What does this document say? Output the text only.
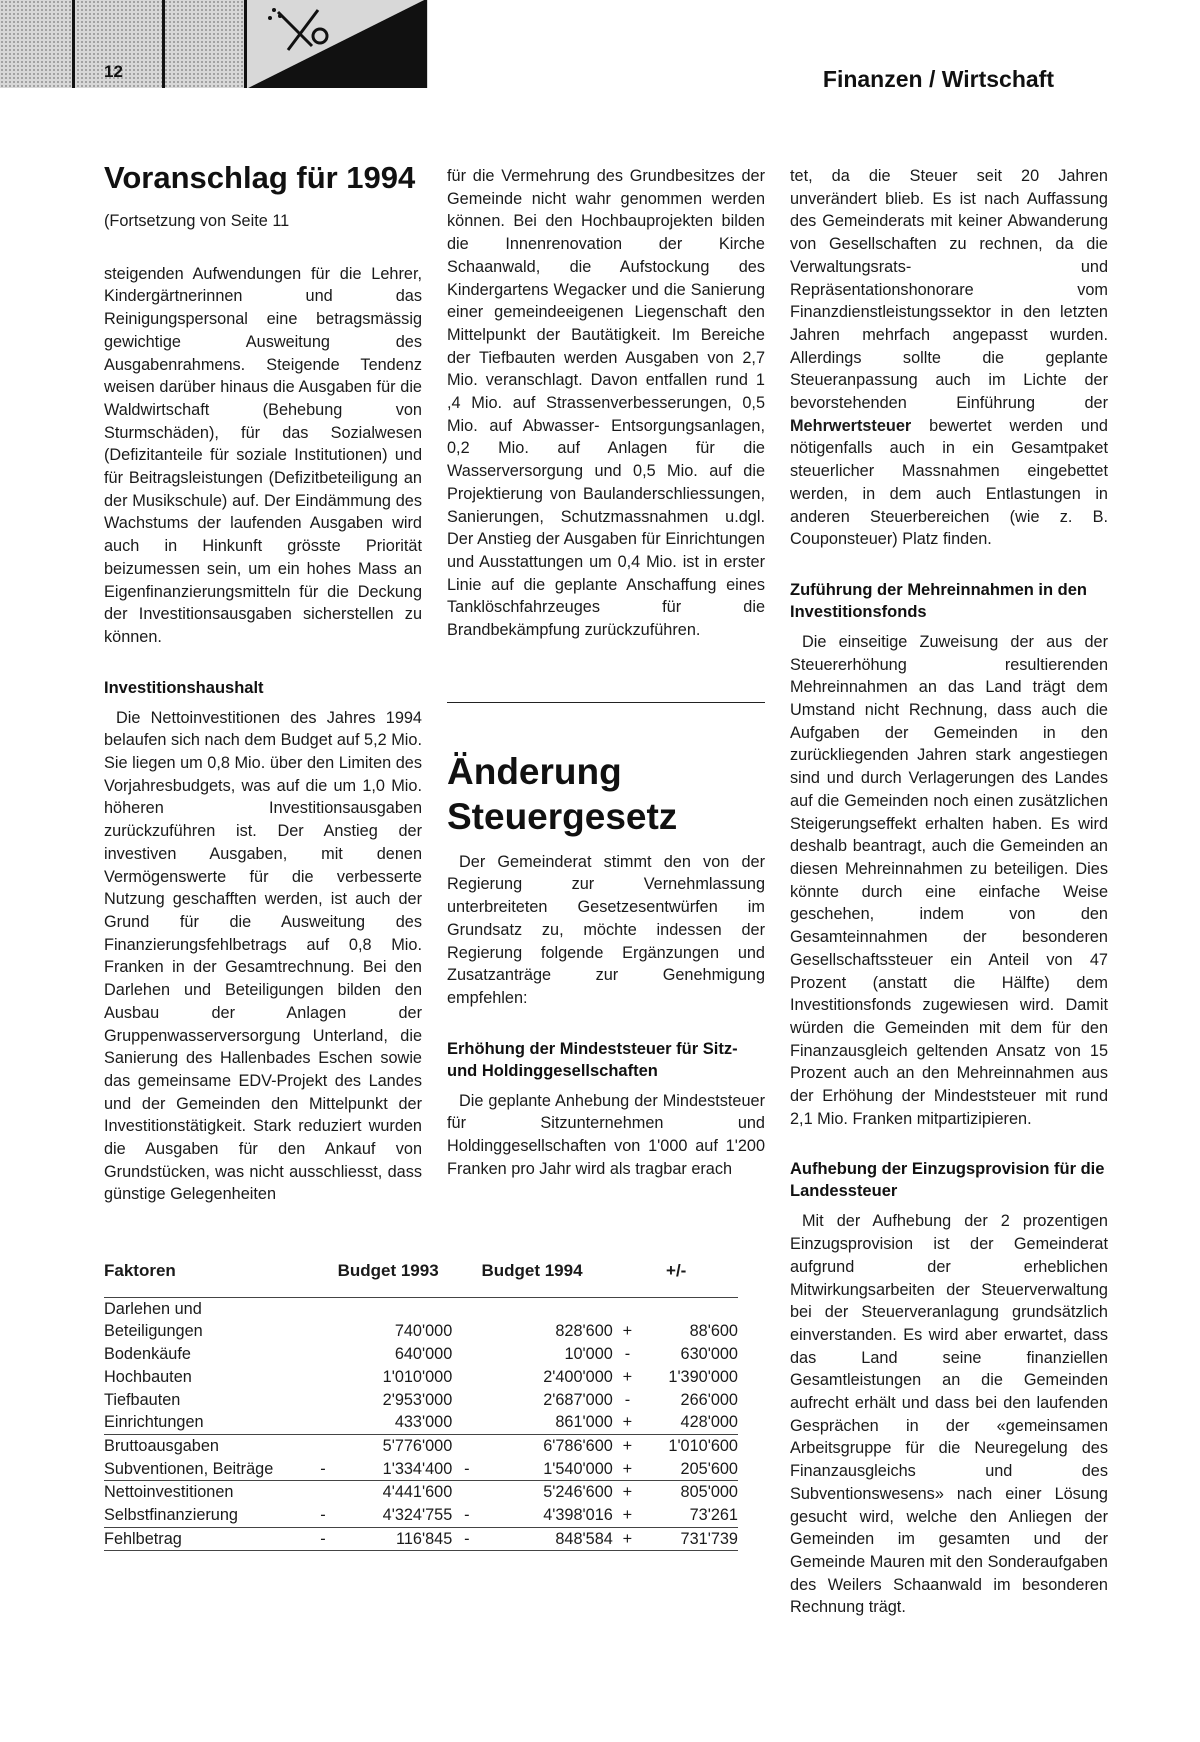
12	Finanzen / Wirtschaft
Voranschlag für 1994

(Fortsetzung von Seite 11

steigenden Aufwendungen für die Lehrer, Kindergärtnerinnen und das Reinigungspersonal eine betragsmässig gewichtige Ausweitung des Ausgabenrahmens. Steigende Tendenz weisen darüber hinaus die Ausgaben für die Waldwirtschaft (Behebung von Sturmschäden), für das Sozialwesen (Defizitanteile für soziale Institutionen) und für Beitragsleistungen (Defizitbeteiligung an der Musikschule) auf. Der Eindämmung des Wachstums der laufenden Ausgaben wird auch in Hinkunft grösste Priorität beizumessen sein, um ein hohes Mass an Eigenfinanzierungsmitteln für die Deckung der Investitionsausgaben sicherstellen zu können.

Investitionshaushalt

Die Nettoinvestitionen des Jahres 1994 belaufen sich nach dem Budget auf 5,2 Mio. Sie liegen um 0,8 Mio. über den Limiten des Vorjahresbudgets, was auf die um 1,0 Mio. höheren Investitionsausgaben zurückzuführen ist. Der Anstieg der investiven Ausgaben, mit denen Vermögenswerte für die verbesserte Nutzung geschafften werden, ist auch der Grund für die Ausweitung des Finanzierungsfehlbetrags auf 0,8 Mio. Franken in der Gesamtrechnung. Bei den Darlehen und Beteiligungen bilden den Ausbau der Anlagen der Gruppenwasserversorgung Unterland, die Sanierung des Hallenbades Eschen sowie das gemeinsame EDV-Projekt des Landes und der Gemeinden den Mittelpunkt der Investitionstätigkeit. Stark reduziert wurden die Ausgaben für den Ankauf von Grundstücken, was nicht ausschliesst, dass günstige Gelegenheiten

für die Vermehrung des Grundbesitzes der Gemeinde nicht wahr genommen werden können. Bei den Hochbauprojekten bilden die Innenrenovation der Kirche Schaanwald, die Aufstockung des Kindergartens Wegacker und die Sanierung einer gemeindeeigenen Liegenschaft den Mittelpunkt der Bautätigkeit. Im Bereiche der Tiefbauten werden Ausgaben von 2,7 Mio. veranschlagt. Davon entfallen rund 1 ,4 Mio. auf Strassenverbesserungen, 0,5 Mio. auf Abwasser- Entsorgungsanlagen, 0,2 Mio. auf Anlagen für die Wasserversorgung und 0,5 Mio. auf die Projektierung von Baulanderschliessungen, Sanierungen, Schutzmassnahmen u.dgl. Der Anstieg der Ausgaben für Einrichtungen und Ausstattungen um 0,4 Mio. ist in erster Linie auf die geplante Anschaffung eines Tanklöschfahrzeuges für die Brandbekämpfung zurückzuführen.

Änderung Steuergesetz

Der Gemeinderat stimmt den von der Regierung zur Vernehmlassung unterbreiteten Gesetzesentwürfen im Grundsatz zu, möchte indessen der Regierung folgende Ergänzungen und Zusatzanträge zur Genehmigung empfehlen:

Erhöhung der Mindeststeuer für Sitz- und Holdinggesellschaften

Die geplante Anhebung der Mindeststeuer für Sitzunternehmen und Holdinggesellschaften von 1'000 auf 1'200 Franken pro Jahr wird als tragbar erach

tet, da die Steuer seit 20 Jahren unverändert blieb. Es ist nach Auffassung des Gemeinderats mit keiner Abwanderung von Gesellschaften zu rechnen, da die Verwaltungsrats- und Repräsentationshonorare vom Finanzdienstleistungssektor in den letzten Jahren mehrfach angepasst wurden. Allerdings sollte die geplante Steueranpassung auch im Lichte der bevorstehenden Einführung der Mehrwertsteuer bewertet werden und nötigenfalls auch in ein Gesamtpaket steuerlicher Massnahmen eingebettet werden, in dem auch Entlastungen in anderen Steuerbereichen (wie z. B. Couponsteuer) Platz finden.

Zuführung der Mehreinnahmen in den Investitionsfonds

Die einseitige Zuweisung der aus der Steuererhöhung resultierenden Mehreinnahmen an das Land trägt dem Umstand nicht Rechnung, dass auch die Aufgaben der Gemeinden in den zurückliegenden Jahren stark angestiegen sind und durch Verlagerungen des Landes auf die Gemeinden noch einen zusätzlichen Steigerungseffekt erhalten haben. Es wird deshalb beantragt, auch die Gemeinden an diesen Mehreinnahmen zu beteiligen. Dies könnte durch eine einfache Weise geschehen, indem von den Gesamteinnahmen der besonderen Gesellschaftssteuer ein Anteil von 47 Prozent (anstatt die Hälfte) dem Investitionsfonds zugewiesen wird. Damit würden die Gemeinden mit dem für den Finanzausgleich geltenden Ansatz von 15 Prozent auch an den Mehreinnahmen aus der Erhöhung der Mindeststeuer mit rund 2,1 Mio. Franken mitpartizipieren.

Aufhebung der Einzugsprovision für die Landessteuer

Mit der Aufhebung der 2 prozentigen Einzugsprovision ist der Gemeinderat aufgrund der erheblichen Mitwirkungsarbeiten der Steuerverwaltung bei der Steuerveranlagung grundsätzlich einverstanden. Es wird aber erwartet, dass das Land seine finanziellen Gesamtleistungen an die Gemeinden aufrecht erhält und dass bei den laufenden Gesprächen in der «gemeinsamen Arbeitsgruppe für die Neuregelung des Finanzausgleichs und des Subventionswesens» nach einer Lösung gesucht wird, welche den Anliegen der Gemeinden im gesamten und der Gemeinde Mauren mit den Sonderaufgaben des Weilers Schaanwald im besonderen Rechnung trägt.

Faktoren		Budget 1993		Budget 1994		+/-
Darlehen und						
Beteiligungen		740'000		828'600	+	88'600
Bodenkäufe		640'000		10'000	-	630'000
Hochbauten		1'010'000		2'400'000	+	1'390'000
Tiefbauten		2'953'000		2'687'000	-	266'000
Einrichtungen		433'000		861'000	+	428'000
Bruttoausgaben		5'776'000		6'786'600	+	1'010'600
Subventionen, Beiträge	-	1'334'400	-	1'540'000	+	205'600
Nettoinvestitionen		4'441'600		5'246'600	+	805'000
Selbstfinanzierung	-	4'324'755	-	4'398'016	+	73'261
Fehlbetrag	-	116'845	-	848'584	+	731'739
